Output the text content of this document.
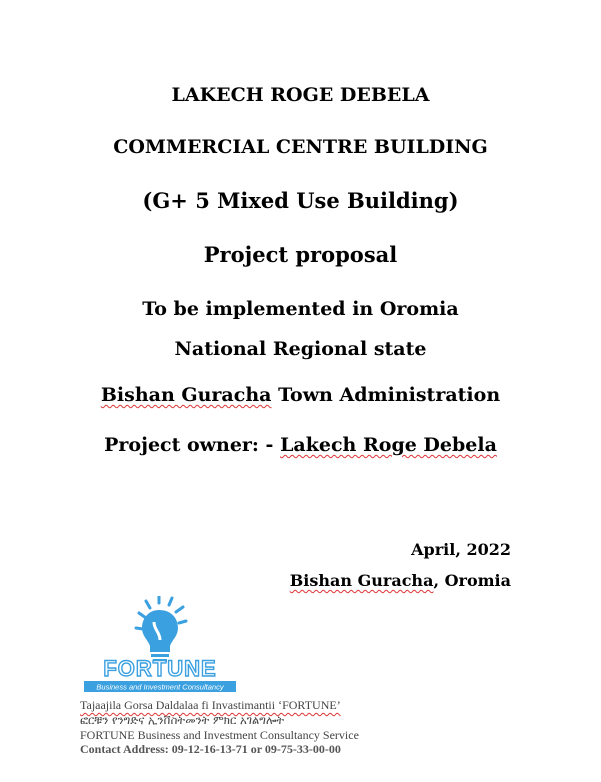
LAKECH ROGE DEBELA
COMMERCIAL CENTRE BUILDING
(G+ 5 Mixed Use Building)
Project proposal
To be implemented in Oromia
National Regional state
Bishan Guracha Town Administration
Project owner: - Lakech Roge Debela
April, 2022
Bishan Guracha, Oromia
FORTUNE
Business and Investment Consultancy
Tajaajila Gorsa Daldalaa fi Invastimantii ‘FORTUNE’
ፎርቹን የንግድና ኢንቨስትመንት ምክር አገልግሎት
FORTUNE Business and Investment Consultancy Service
Contact Address: 09-12-16-13-71 or 09-75-33-00-00
